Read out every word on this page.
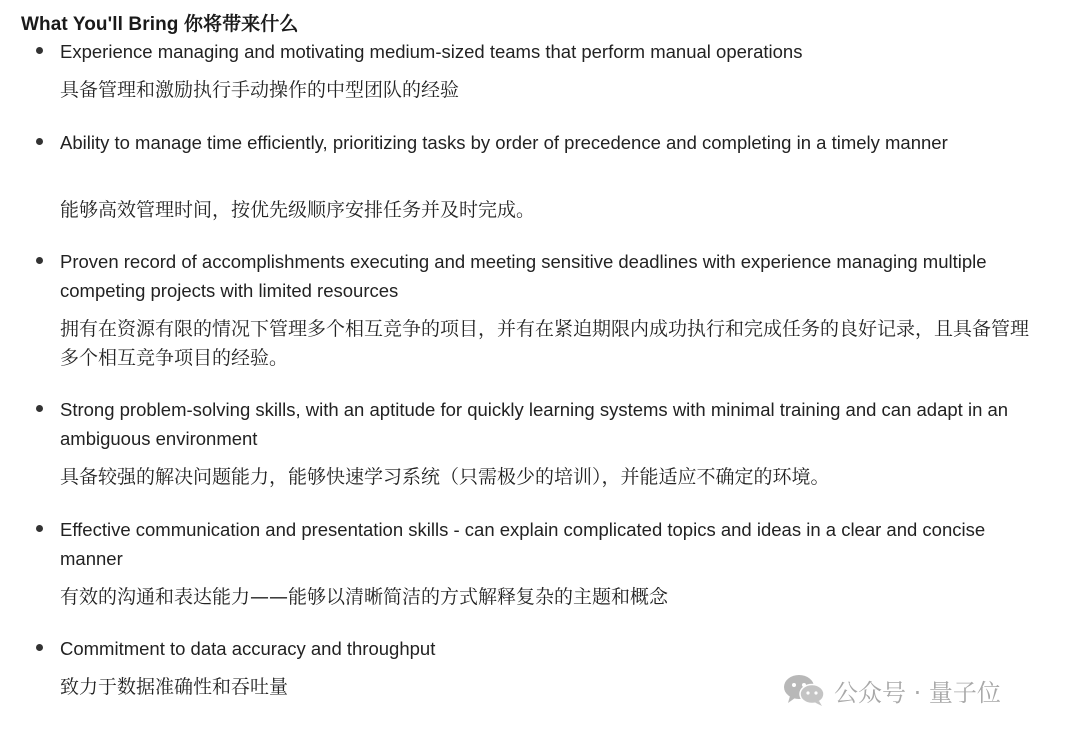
What You'll Bring 你将带来什么
Experience managing and motivating medium-sized teams that perform manual operations
具备管理和激励执行手动操作的中型团队的经验
Ability to manage time efficiently, prioritizing tasks by order of precedence and completing in a timely manner
能够高效管理时间，按优先级顺序安排任务并及时完成。
Proven record of accomplishments executing and meeting sensitive deadlines with experience managing multiple competing projects with limited resources
拥有在资源有限的情况下管理多个相互竞争的项目，并有在紧迫期限内成功执行和完成任务的良好记录，且具备管理多个相互竞争项目的经验。
Strong problem-solving skills, with an aptitude for quickly learning systems with minimal training and can adapt in an ambiguous environment
具备较强的解决问题能力，能够快速学习系统（只需极少的培训），并能适应不确定的环境。
Effective communication and presentation skills - can explain complicated topics and ideas in a clear and concise manner
有效的沟通和表达能力——能够以清晰简洁的方式解释复杂的主题和概念
Commitment to data accuracy and throughput
致力于数据准确性和吞吐量	公众号 · 量子位
